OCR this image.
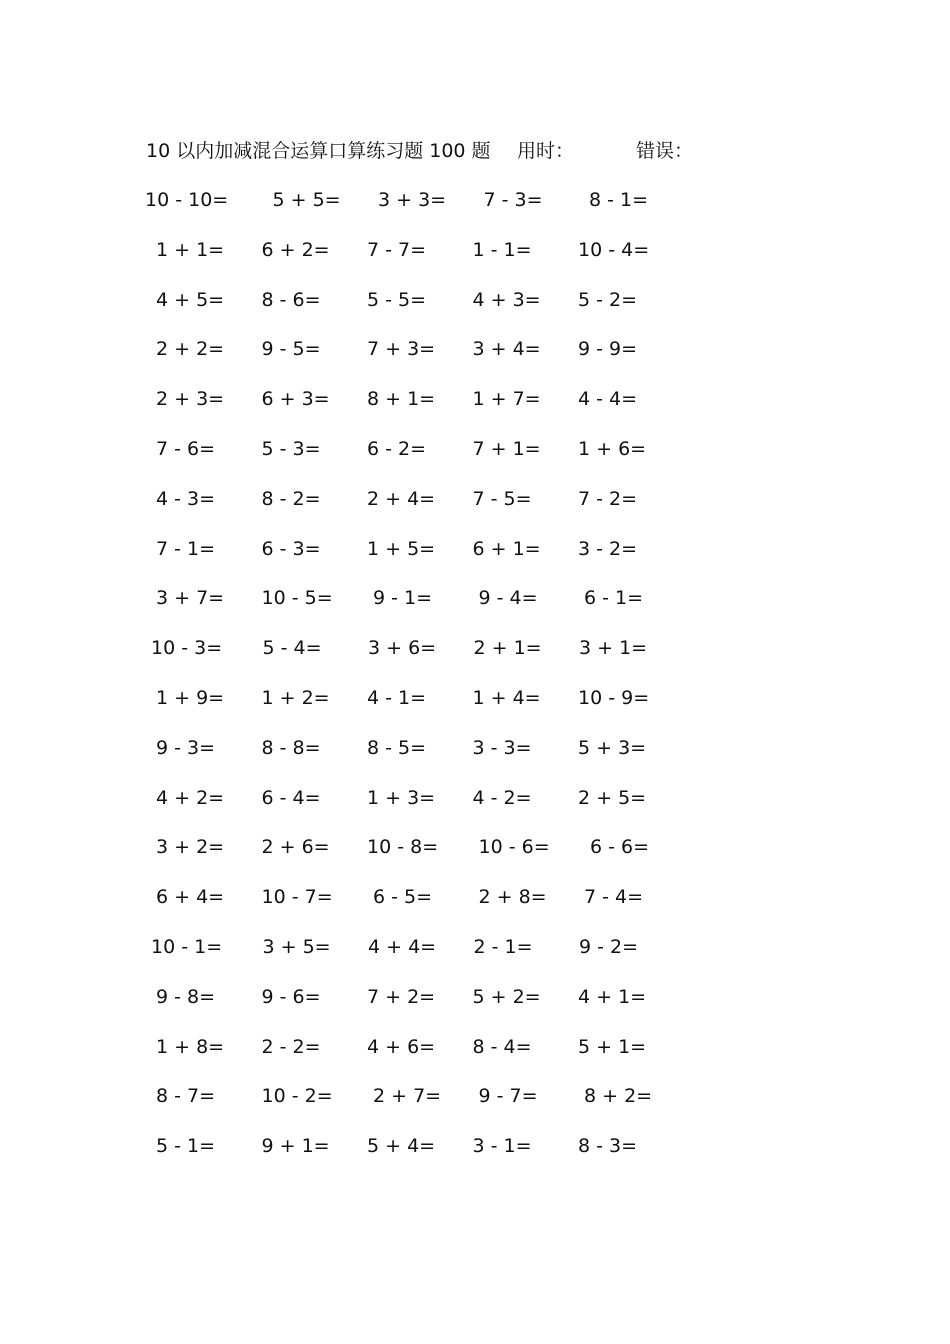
10 以内加减混合运算口算练习题 100 题 用时：	错误：
10 - 10=	5 + 5=	3 + 3=	7 - 3=	8 - 1=
1 + 1=	6 + 2=	7 - 7=	1 - 1=	10 - 4=
4 + 5=	8 - 6=	5 - 5=	4 + 3=	5 - 2=
2 + 2=	9 - 5=	7 + 3=	3 + 4=	9 - 9=
2 + 3=	6 + 3=	8 + 1=	1 + 7=	4 - 4=
7 - 6=	5 - 3=	6 - 2=	7 + 1=	1 + 6=
4 - 3=	8 - 2=	2 + 4=	7 - 5=	7 - 2=
7 - 1=	6 - 3=	1 + 5=	6 + 1=	3 - 2=
3 + 7=	10 - 5=	9 - 1=	9 - 4=	6 - 1=
10 - 3=	5 - 4=	3 + 6=	2 + 1=	3 + 1=
1 + 9=	1 + 2=	4 - 1=	1 + 4=	10 - 9=
9 - 3=	8 - 8=	8 - 5=	3 - 3=	5 + 3=
4 + 2=	6 - 4=	1 + 3=	4 - 2=	2 + 5=
3 + 2=	2 + 6=	10 - 8=	10 - 6=	6 - 6=
6 + 4=	10 - 7=	6 - 5=	2 + 8=	7 - 4=
10 - 1=	3 + 5=	4 + 4=	2 - 1=	9 - 2=
9 - 8=	9 - 6=	7 + 2=	5 + 2=	4 + 1=
1 + 8=	2 - 2=	4 + 6=	8 - 4=	5 + 1=
8 - 7=	10 - 2=	2 + 7=	9 - 7=	8 + 2=
5 - 1=	9 + 1=	5 + 4=	3 - 1=	8 - 3=
